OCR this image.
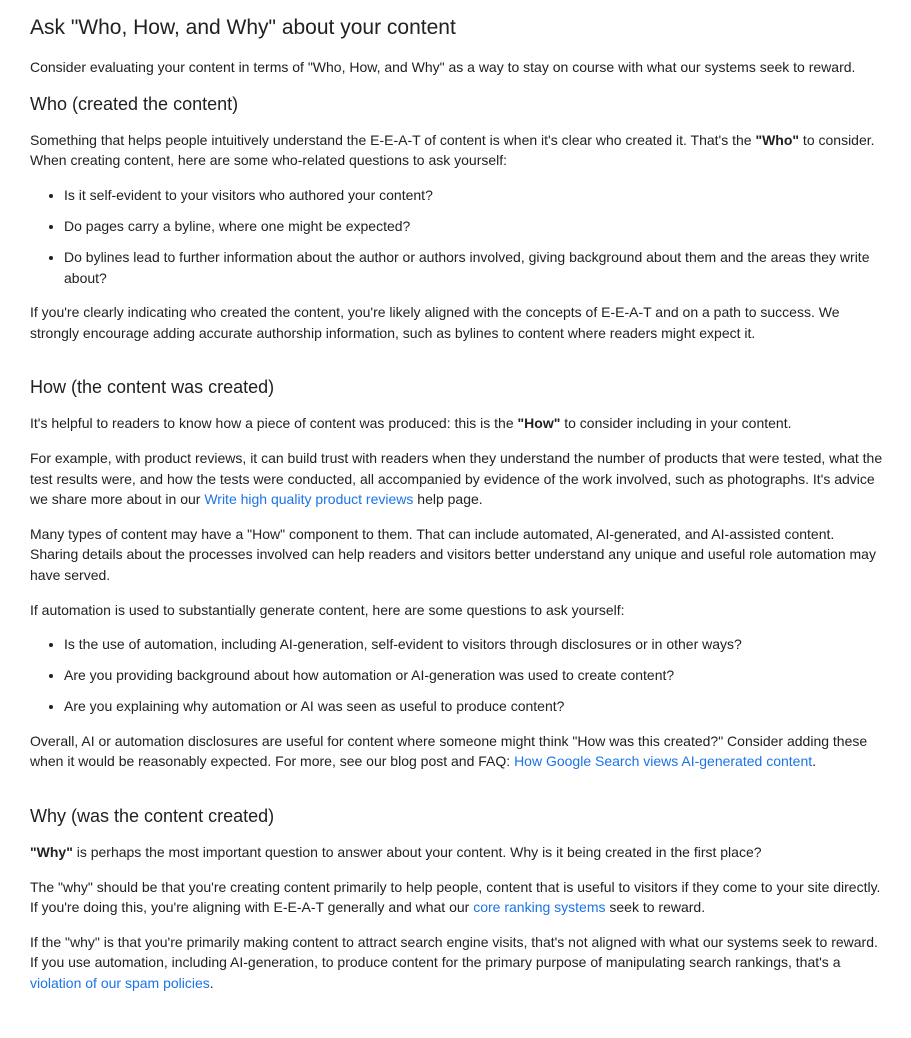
Ask "Who, How, and Why" about your content

Consider evaluating your content in terms of "Who, How, and Why" as a way to stay on course with what our systems seek to reward.

Who (created the content)

Something that helps people intuitively understand the E-E-A-T of content is when it's clear who created it. That's the "Who" to consider. When creating content, here are some who-related questions to ask yourself:

• Is it self-evident to your visitors who authored your content?
• Do pages carry a byline, where one might be expected?
• Do bylines lead to further information about the author or authors involved, giving background about them and the areas they write about?

If you're clearly indicating who created the content, you're likely aligned with the concepts of E-E-A-T and on a path to success. We strongly encourage adding accurate authorship information, such as bylines to content where readers might expect it.

How (the content was created)

It's helpful to readers to know how a piece of content was produced: this is the "How" to consider including in your content.

For example, with product reviews, it can build trust with readers when they understand the number of products that were tested, what the test results were, and how the tests were conducted, all accompanied by evidence of the work involved, such as photographs. It's advice we share more about in our Write high quality product reviews help page.

Many types of content may have a "How" component to them. That can include automated, AI-generated, and AI-assisted content. Sharing details about the processes involved can help readers and visitors better understand any unique and useful role automation may have served.

If automation is used to substantially generate content, here are some questions to ask yourself:

• Is the use of automation, including AI-generation, self-evident to visitors through disclosures or in other ways?
• Are you providing background about how automation or AI-generation was used to create content?
• Are you explaining why automation or AI was seen as useful to produce content?

Overall, AI or automation disclosures are useful for content where someone might think "How was this created?" Consider adding these when it would be reasonably expected. For more, see our blog post and FAQ: How Google Search views AI-generated content.

Why (was the content created)

"Why" is perhaps the most important question to answer about your content. Why is it being created in the first place?

The "why" should be that you're creating content primarily to help people, content that is useful to visitors if they come to your site directly. If you're doing this, you're aligning with E-E-A-T generally and what our core ranking systems seek to reward.

If the "why" is that you're primarily making content to attract search engine visits, that's not aligned with what our systems seek to reward. If you use automation, including AI-generation, to produce content for the primary purpose of manipulating search rankings, that's a violation of our spam policies.
